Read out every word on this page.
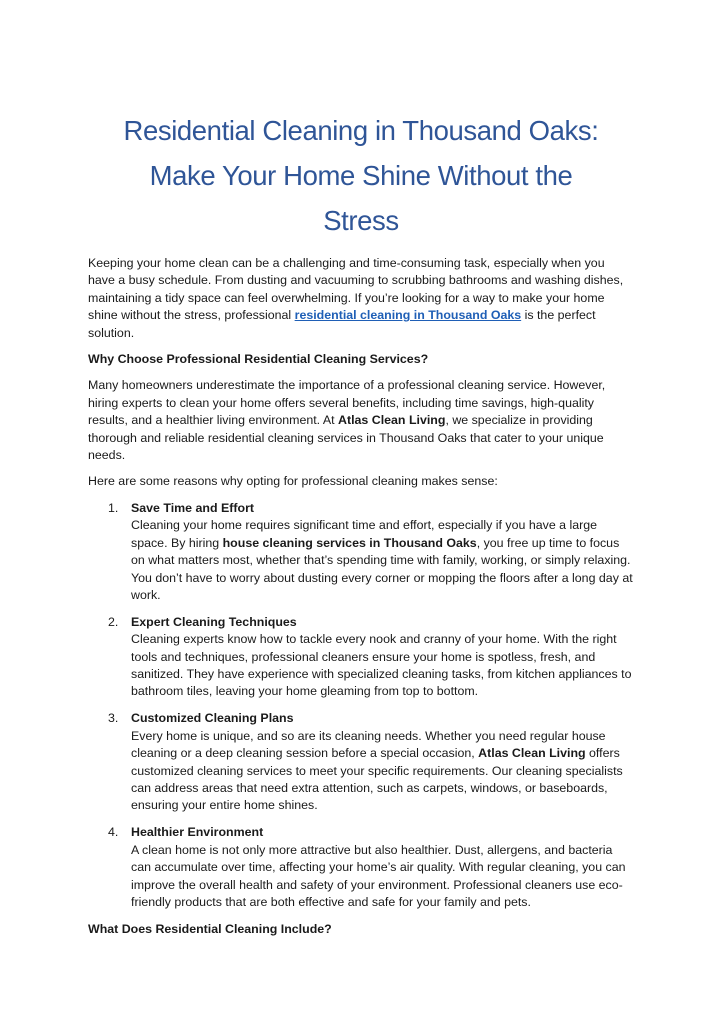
Residential Cleaning in Thousand Oaks:
Make Your Home Shine Without the
Stress

Keeping your home clean can be a challenging and time-consuming task, especially when you have a busy schedule. From dusting and vacuuming to scrubbing bathrooms and washing dishes, maintaining a tidy space can feel overwhelming. If you’re looking for a way to make your home shine without the stress, professional residential cleaning in Thousand Oaks is the perfect solution.

Why Choose Professional Residential Cleaning Services?

Many homeowners underestimate the importance of a professional cleaning service. However, hiring experts to clean your home offers several benefits, including time savings, high-quality results, and a healthier living environment. At Atlas Clean Living, we specialize in providing thorough and reliable residential cleaning services in Thousand Oaks that cater to your unique needs.

Here are some reasons why opting for professional cleaning makes sense:

1. Save Time and Effort
Cleaning your home requires significant time and effort, especially if you have a large space. By hiring house cleaning services in Thousand Oaks, you free up time to focus on what matters most, whether that’s spending time with family, working, or simply relaxing. You don’t have to worry about dusting every corner or mopping the floors after a long day at work.
2. Expert Cleaning Techniques
Cleaning experts know how to tackle every nook and cranny of your home. With the right tools and techniques, professional cleaners ensure your home is spotless, fresh, and sanitized. They have experience with specialized cleaning tasks, from kitchen appliances to bathroom tiles, leaving your home gleaming from top to bottom.
3. Customized Cleaning Plans
Every home is unique, and so are its cleaning needs. Whether you need regular house cleaning or a deep cleaning session before a special occasion, Atlas Clean Living offers customized cleaning services to meet your specific requirements. Our cleaning specialists can address areas that need extra attention, such as carpets, windows, or baseboards, ensuring your entire home shines.
4. Healthier Environment
A clean home is not only more attractive but also healthier. Dust, allergens, and bacteria can accumulate over time, affecting your home’s air quality. With regular cleaning, you can improve the overall health and safety of your environment. Professional cleaners use eco-friendly products that are both effective and safe for your family and pets.

What Does Residential Cleaning Include?
